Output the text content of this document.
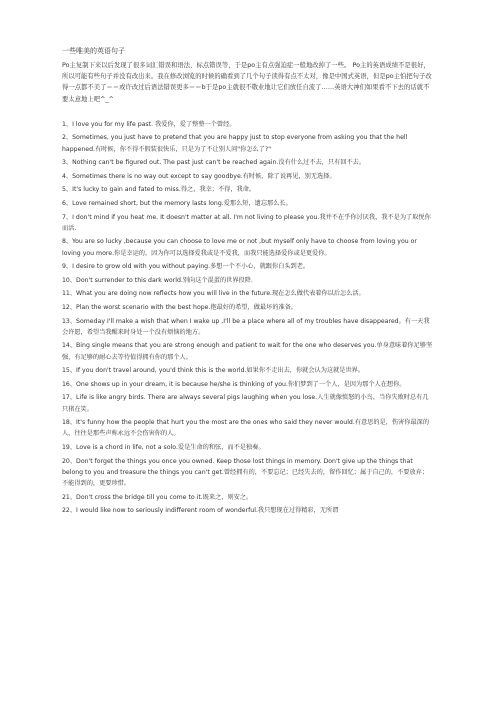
一些唯美的英语句子
Po主复制下来以后发现了很多词汇错误和语法、标点错误等，于是po主有点强迫症一般地改掉了一些。 Po主的英语成绩不是很好，所以可能有些句子并没有改出来。我在修改浏览的时候的确看到了几个句子读得有点不太对，像是中国式英语，但是po主怕把句子改得一点都不美了＝＝或许改过后语法错误更多＝＝b于是po主就很不敬业地让它们放任自流了……英语大神们如果看不下去的话就不要太意地上吧^_^
1、I love you for my life past. 我爱你，爱了整整一个曾经。
2、Sometimes, you just have to pretend that you are happy just to stop everyone from asking you that the hell happened.有时候，你不得不假装很快乐，只是为了不让别人问"你怎么了?"
3、Nothing can't be figured out. The past just can't be reached again.没有什么过不去，只有回不去。
4、Sometimes there is no way out except to say goodbye.有时候，除了说再见，别无选择。
5、It's lucky to gain and fated to miss.得之，我幸；不得，我命。
6、Love remained short, but the memory lasts long.爱那么短，遗忘那么长。
7、I don't mind if you heat me. It doesn't matter at all. I'm not living to please you.我并不在乎你讨厌我，我不是为了取悦你而活.
8、You are so lucky ,because you can choose to love me or not ,but myself only have to choose from loving you or loving you more.你是幸运的，因为你可以选择爱我或是不爱我，而我只能选择爱你或是更爱你。
9、I desire to grow old with you without paying.多想一个不小心，就跟你白头到老。
10、Don't surrender to this dark world.别向这个混蛋的世界投降.
11、What you are doing now reflects how you will live in the future.现在怎么做代表着你以后怎么活。
12、Plan the worst scenario with the best hope.抱最好的希望，做最坏的准备。
13、Someday I'll make a wish that when I wake up ,I'll be a place where all of my troubles have disappeared。有一天我会许愿，希望当我醒来时身处一个没有烦恼的地方。
14、Bing single means that you are strong enough and patient to wait for the one who deserves you.单身意味着你足够坚强，有足够的耐心去等待值得拥有你的那个人。
15、If you don't travel around, you'd think this is the world.如果你不走出去，你就会认为这就是世界。
16、One shows up in your dream, it is because he/she is thinking of you.你们梦到了一个人，是因为那个人在想你。
17、Life is like angry birds. There are always several pigs laughing when you lose.人生就像愤怒的小鸟，当你失败时总有几只猪在笑。
18、It's funny how the people that hurt you the most are the ones who said they never would.有意思的是，伤害你最深的人，往往是那些声称永远不会伤害你的人。
19、Love is a chord in life, not a solo.爱是生命的和弦，而不是独奏。
20、Don't forget the things you once you owned. Keep those lost things in memory. Don't give up the things that belong to you and treasure the things you can't get.曾经拥有的，不要忘记；已经失去的，留作回忆；属于自己的，不要放弃；不能得到的，更要珍惜。
21、Don't cross the bridge till you come to it.既来之，则安之。
22、I would like now to seriously indifferent room of wonderful.我只想现在过得精彩，无所谓
